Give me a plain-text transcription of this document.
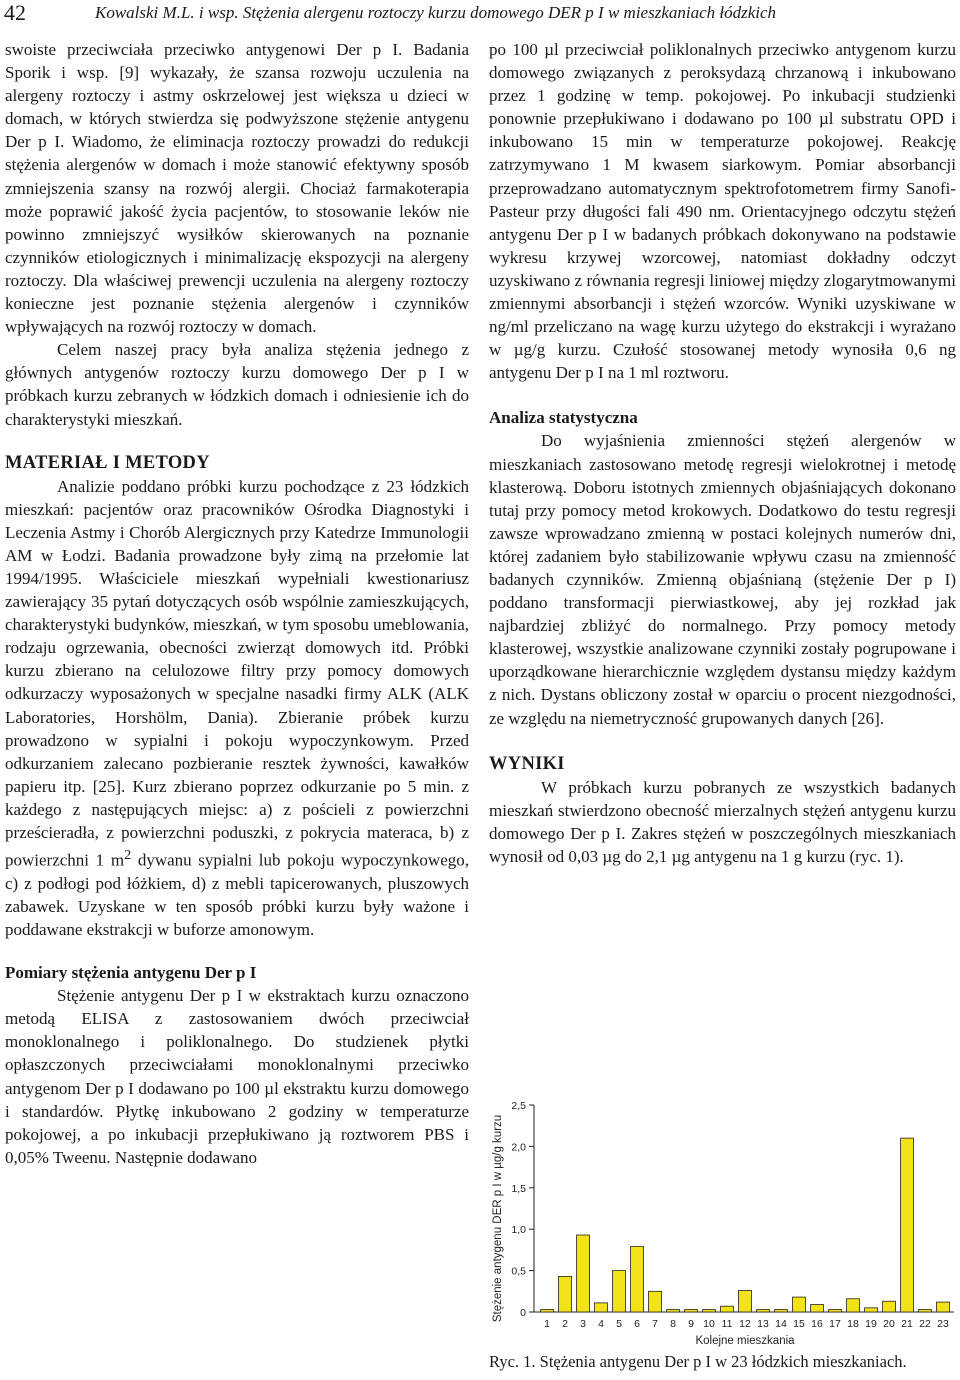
42	Kowalski M.L. i wsp. Stężenia alergenu roztoczy kurzu domowego DER p I w mieszkaniach łódzkich

swoiste przeciwciała przeciwko antygenowi Der p I. Badania Sporik i wsp. [9] wykazały, że szansa rozwoju uczulenia na alergeny roztoczy i astmy oskrzelowej jest większa u dzieci w domach, w których stwierdza się podwyższone stężenie antygenu Der p I. Wiadomo, że eliminacja roztoczy prowadzi do redukcji stężenia alergenów w domach i może stanowić efektywny sposób zmniejszenia szansy na rozwój alergii. Chociaż farmakoterapia może poprawić jakość życia pacjentów, to stosowanie leków nie powinno zmniejszyć wysiłków skierowanych na poznanie czynników etiologicznych i minimalizację ekspozycji na alergeny roztoczy. Dla właściwej prewencji uczulenia na alergeny roztoczy konieczne jest poznanie stężenia alergenów i czynników wpływających na rozwój roztoczy w domach.

Celem naszej pracy była analiza stężenia jednego z głównych antygenów roztoczy kurzu domowego Der p I w próbkach kurzu zebranych w łódzkich domach i odniesienie ich do charakterystyki mieszkań.

MATERIAŁ I METODY

Analizie poddano próbki kurzu pochodzące z 23 łódzkich mieszkań: pacjentów oraz pracowników Ośrodka Diagnostyki i Leczenia Astmy i Chorób Alergicznych przy Katedrze Immunologii AM w Łodzi. Badania prowadzone były zimą na przełomie lat 1994/1995. Właściciele mieszkań wypełniali kwestionariusz zawierający 35 pytań dotyczących osób wspólnie zamieszkujących, charakterystyki budynków, mieszkań, w tym sposobu umeblowania, rodzaju ogrzewania, obecności zwierząt domowych itd. Próbki kurzu zbierano na celulozowe filtry przy pomocy domowych odkurzaczy wyposażonych w specjalne nasadki firmy ALK (ALK Laboratories, Horshölm, Dania). Zbieranie próbek kurzu prowadzono w sypialni i pokoju wypoczynkowym. Przed odkurzaniem zalecano pozbieranie resztek żywności, kawałków papieru itp. [25]. Kurz zbierano poprzez odkurzanie po 5 min. z każdego z następujących miejsc: a) z pościeli z powierzchni prześcieradła, z powierzchni poduszki, z pokrycia materaca, b) z powierzchni 1 $m^2$ dywanu sypialni lub pokoju wypoczynkowego, c) z podłogi pod łóżkiem, d) z mebli tapicerowanych, pluszowych zabawek. Uzyskane w ten sposób próbki kurzu były ważone i poddawane ekstrakcji w buforze amonowym.

Pomiary stężenia antygenu Der p I

Stężenie antygenu Der p I w ekstraktach kurzu oznaczono metodą ELISA z zastosowaniem dwóch przeciwciał monoklonalnego i poliklonalnego. Do studzienek płytki opłaszczonych przeciwciałami monoklonalnymi przeciwko antygenom Der p I dodawano po 100 µl ekstraktu kurzu domowego i standardów. Płytkę inkubowano 2 godziny w temperaturze pokojowej, a po inkubacji przepłukiwano ją roztworem PBS i 0,05% Tweenu. Następnie dodawano

po 100 µl przeciwciał poliklonalnych przeciwko antygenom kurzu domowego związanych z peroksydazą chrzanową i inkubowano przez 1 godzinę w temp. pokojowej. Po inkubacji studzienki ponownie przepłukiwano i dodawano po 100 µl substratu OPD i inkubowano 15 min w temperaturze pokojowej. Reakcję zatrzymywano 1 M kwasem siarkowym. Pomiar absorbancji przeprowadzano automatycznym spektrofotometrem firmy Sanofi-Pasteur przy długości fali 490 nm. Orientacyjnego odczytu stężeń antygenu Der p I w badanych próbkach dokonywano na podstawie wykresu krzywej wzorcowej, natomiast dokładny odczyt uzyskiwano z równania regresji liniowej między zlogarytmowanymi zmiennymi absorbancji i stężeń wzorców. Wyniki uzyskiwane w ng/ml przeliczano na wagę kurzu użytego do ekstrakcji i wyrażano w µg/g kurzu. Czułość stosowanej metody wynosiła 0,6 ng antygenu Der p I na 1 ml roztworu.

Analiza statystyczna

Do wyjaśnienia zmienności stężeń alergenów w mieszkaniach zastosowano metodę regresji wielokrotnej i metodę klasterową. Doboru istotnych zmiennych objaśniających dokonano tutaj przy pomocy metod krokowych. Dodatkowo do testu regresji zawsze wprowadzano zmienną w postaci kolejnych numerów dni, której zadaniem było stabilizowanie wpływu czasu na zmienność badanych czynników. Zmienną objaśnianą (stężenie Der p I) poddano transformacji pierwiastkowej, aby jej rozkład jak najbardziej zbliżyć do normalnego. Przy pomocy metody klasterowej, wszystkie analizowane czynniki zostały pogrupowane i uporządkowane hierarchicznie względem dystansu między każdym z nich. Dystans obliczony został w oparciu o procent niezgodności, ze względu na niemetryczność grupowanych danych [26].

WYNIKI

W próbkach kurzu pobranych ze wszystkich badanych mieszkań stwierdzono obecność mierzalnych stężeń antygenu kurzu domowego Der p I. Zakres stężeń w poszczególnych mieszkaniach wynosił od 0,03 µg do 2,1 µg antygenu na 1 g kurzu (ryc. 1).

0
0,5
1,0
1,5
2,0
2,5
Stężenie antygenu DER p I w µg/g kurzu
1 2 3 4 5 6 7 8 9 10 11 12 13 14 15 16 17 18 19 20 21 22 23
Kolejne mieszkania
Ryc. 1. Stężenia antygenu Der p I w 23 łódzkich mieszkaniach.
